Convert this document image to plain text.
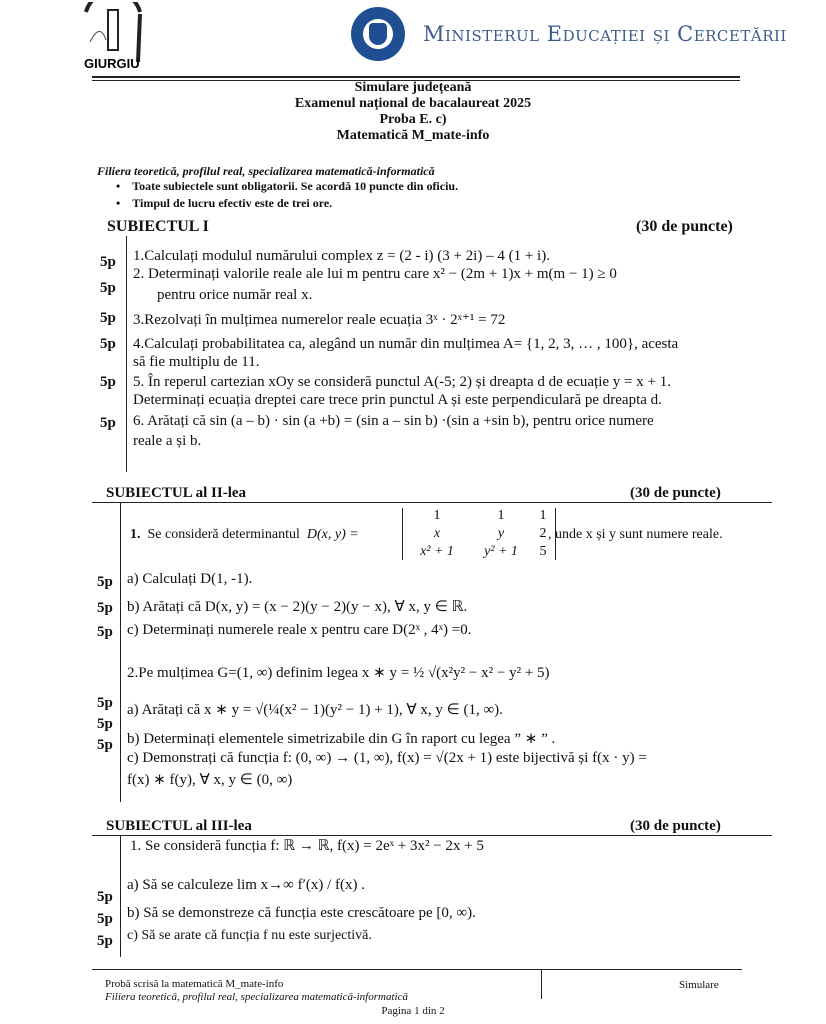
GIURGIU
Ministerul Educației și Cercetării
Simulare județeană
Examenul național de bacalaureat 2025
Proba E. c)
Matematică M_mate-info
Filiera teoretică, profilul real, specializarea matematică-informatică
•    Toate subiectele sunt obligatorii. Se acordă 10 puncte din oficiu.
•    Timpul de lucru efectiv este de trei ore.
SUBIECTUL I	(30 de puncte)
5p
5p
5p
5p
5p
5p
1.Calculați modulul numărului complex z = (2 - i) (3 + 2i) – 4 (1 + i).
2. Determinați valorile reale ale lui m pentru care x² − (2m + 1)x + m(m − 1) ≥ 0
pentru orice număr real x.
3.Rezolvați în mulțimea numerelor reale ecuația 3ˣ · 2ˣ⁺¹ = 72
4.Calculați probabilitatea ca, alegând un număr din mulțimea A= {1, 2, 3, … , 100}, acesta
să fie multiplu de 11.
5. În reperul cartezian xOy se consideră punctul A(-5; 2) și dreapta d de ecuație y = x + 1.
Determinați ecuația dreptei care trece prin punctul A și este perpendiculară pe dreapta d.
6. Arătați că sin (a – b) · sin (a +b) = (sin a – sin b) ·(sin a +sin b), pentru orice numere
reale a și b.
SUBIECTUL al II-lea	(30 de puncte)
1. Se consideră determinantul  D(x, y) =
1	1	1
x	y	2
x² + 1	y² + 1	5
, unde x și y sunt numere reale.
5p
5p
5p a) Calculați D(1, -1).
b) Arătați că D(x, y) = (x − 2)(y − 2)(y − x), ∀ x, y ∈ ℝ.
c) Determinați numerele reale x pentru care D(2ˣ , 4ˣ) =0.
2.Pe mulțimea G=(1, ∞) definim legea x ∗ y = ½ √(x²y² − x² − y² + 5)
5p
5p
5p
a) Arătați că x ∗ y = √(¼(x² − 1)(y² − 1) + 1), ∀ x, y ∈ (1, ∞).
b) Determinați elementele simetrizabile din G în raport cu legea ” ∗ ” .
c) Demonstrați că funcția f: (0, ∞) → (1, ∞), f(x) = √(2x + 1) este bijectivă și f(x · y) =
f(x) ∗ f(y), ∀ x, y ∈ (0, ∞)
SUBIECTUL al III-lea	(30 de puncte)
1. Se consideră funcția f: ℝ → ℝ, f(x) = 2eˣ + 3x² − 2x + 5
5p
5p
5p
a) Să se calculeze lim x→∞ f′(x) / f(x) .
b) Să se demonstreze că funcția este crescătoare pe [0, ∞).
c) Să se arate că funcția f nu este surjectivă.
Probă scrisă la matematică M_mate-info
Filiera teoretică, profilul real, specializarea matematică-informatică
Simulare
Pagina 1 din 2
